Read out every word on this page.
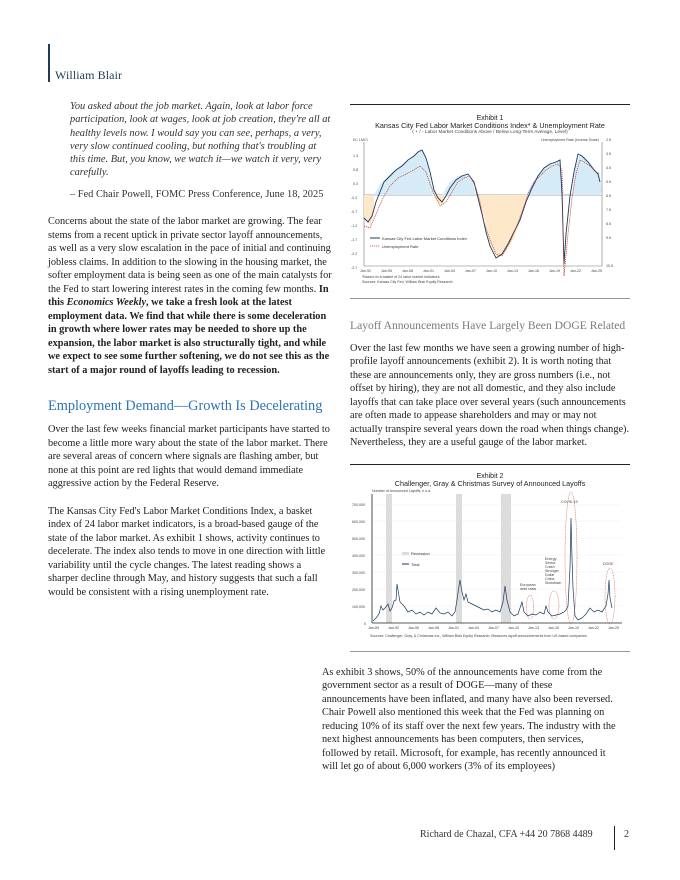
William Blair
You asked about the job market. Again, look at labor force participation, look at wages, look at job creation, they're all at healthy levels now. I would say you can see, perhaps, a very, very slow continued cooling, but nothing that's troubling at this time. But, you know, we watch it—we watch it very, very carefully.
– Fed Chair Powell, FOMC Press Conference, June 18, 2025

Concerns about the state of the labor market are growing. The fear stems from a recent uptick in private sector layoff announcements, as well as a very slow escalation in the pace of initial and continuing jobless claims. In addition to the slowing in the housing market, the softer employment data is being seen as one of the main catalysts for the Fed to start lowering interest rates in the coming few months. In this Economics Weekly, we take a fresh look at the latest employment data. We find that while there is some deceleration in growth where lower rates may be needed to shore up the expansion, the labor market is also structurally tight, and while we expect to see some further softening, we do not see this as the start of a major round of layoffs leading to recession.

Employment Demand—Growth Is Decelerating

Over the last few weeks financial market participants have started to become a little more wary about the state of the labor market. There are several areas of concern where signals are flashing amber, but none at this point are red lights that would demand immediate aggressive action by the Federal Reserve.

The Kansas City Fed's Labor Market Conditions Index, a basket index of 24 labor market indicators, is a broad-based gauge of the state of the labor market. As exhibit 1 shows, activity continues to decelerate. The index also tends to move in one direction with little variability until the cycle changes. The latest reading shows a sharper decline through May, and history suggests that such a fall would be consistent with a rising unemployment rate.

Exhibit 1
Kansas City Fed Labor Market Conditions Index* & Unemployment Rate
( + / - Labor Market Conditions Above / Below Long-Term Average, Level)
KC LMCI	Unemployment Rate (Inverse Scale)
1.3
0.8
0.3
-0.2
-0.7
-1.2
-1.7
-2.2
-2.7
2.5
3.5
4.5
5.5
6.5
7.5
8.5
9.5
10.5
Kansas City Fed Labor Market Conditions Index
Unemployment Rate
Jan-92	Jan-95	Jan-98	Jan-01	Jan-04	Jan-07	Jan-10	Jan-13	Jan-16	Jan-19	Jan-22	Jan-25
*Based on a basket of 24 labor market indicators
Sources: Kansas City Fed, William Blair Equity Research
Layoff Announcements Have Largely Been DOGE Related

Over the last few months we have seen a growing number of high-profile layoff announcements (exhibit 2). It is worth noting that these are announcements only, they are gross numbers (i.e., not offset by hiring), they are not all domestic, and they also include layoffs that can take place over several years (such announcements are often made to appease shareholders and may or may not actually transpire several years down the road when things change). Nevertheless, they are a useful gauge of the labor market.

Exhibit 2
Challenger, Gray & Christmas Survey of Announced Layoffs
Number of Announced Layoffs, n.s.a.
700,000
600,000
500,000
400,000
300,000
200,000
100,000
0
COVID-19
DOGE
European debt crisis
Energy Sector Crash Stronger Dollar China Slowdown
Recession
Total
Jan-89	Jan-92	Jan-95	Jan-98	Jan-01	Jan-04	Jan-07	Jan-10	Jan-13	Jan-16	Jan-19	Jan-22	Jan-25
Sources: Challenger, Gray, & Christmas Inc., William Blair Equity Research; Measures layoff announcements from US-based companies

As exhibit 3 shows, 50% of the announcements have come from the government sector as a result of DOGE—many of these announcements have been inflated, and many have also been reversed. Chair Powell also mentioned this week that the Fed was planning on reducing 10% of its staff over the next few years. The industry with the next highest announcements has been computers, then services, followed by retail. Microsoft, for example, has recently announced it will let go of about 6,000 workers (3% of its employees)

Richard de Chazal, CFA +44 20 7868 4489	2
